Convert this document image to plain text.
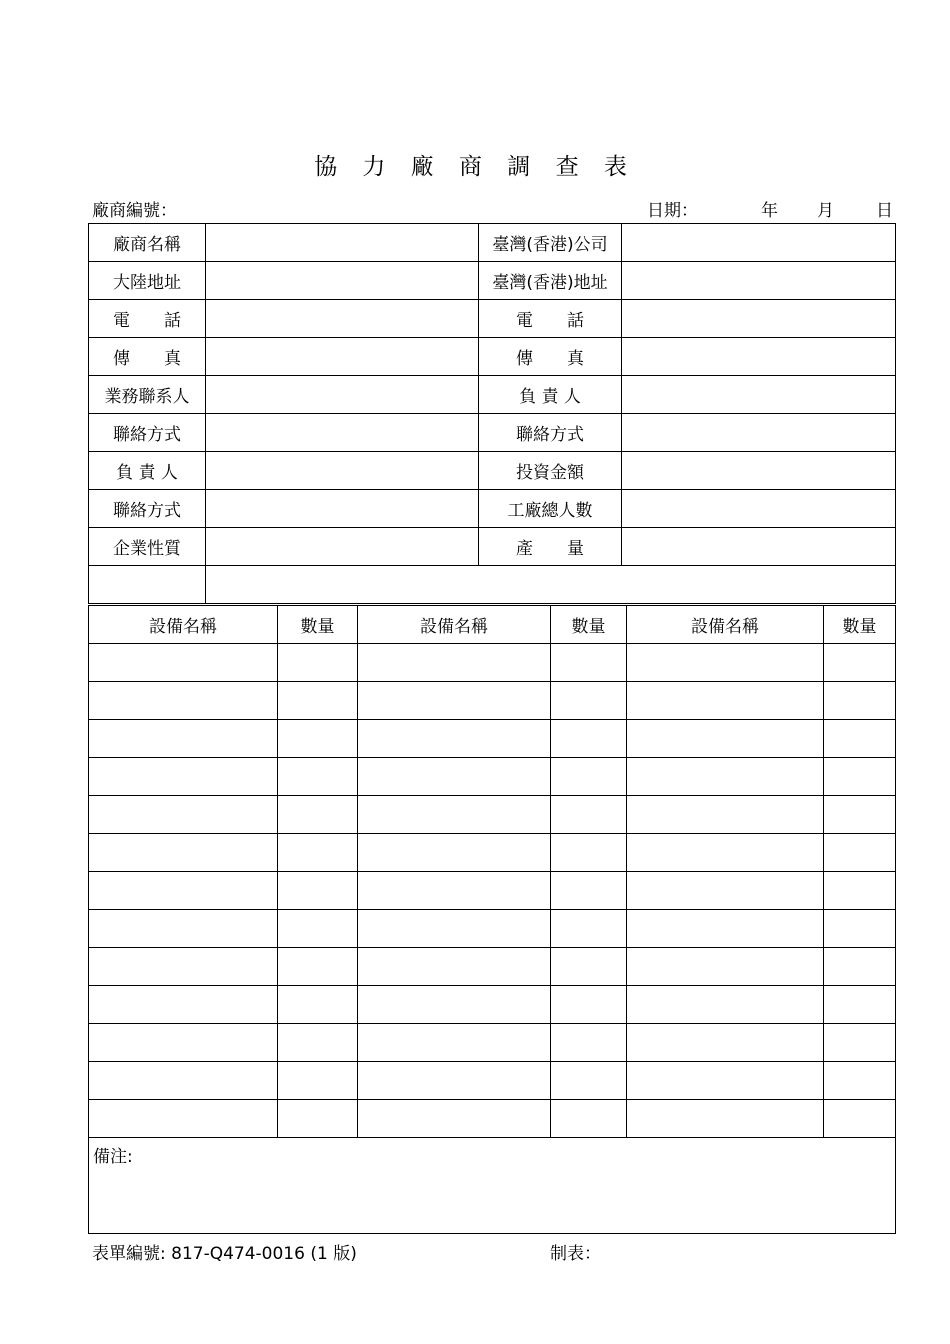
協 力 廠 商 調 查 表
廠商編號：	日期：	年 月 日
廠商名稱		臺灣(香港)公司	
大陸地址		臺灣(香港)地址	
電　　話		電　　話	
傳　　真		傳　　真	
業務聯系人		負 責 人	
聯絡方式		聯絡方式	
負 責 人		投資金額	
聯絡方式		工廠總人數	
企業性質		產　　量	

設備名稱	數量	設備名稱	數量	設備名稱	數量

備注:					
表單編號: 817-Q474-0016 (1 版)	制表：
